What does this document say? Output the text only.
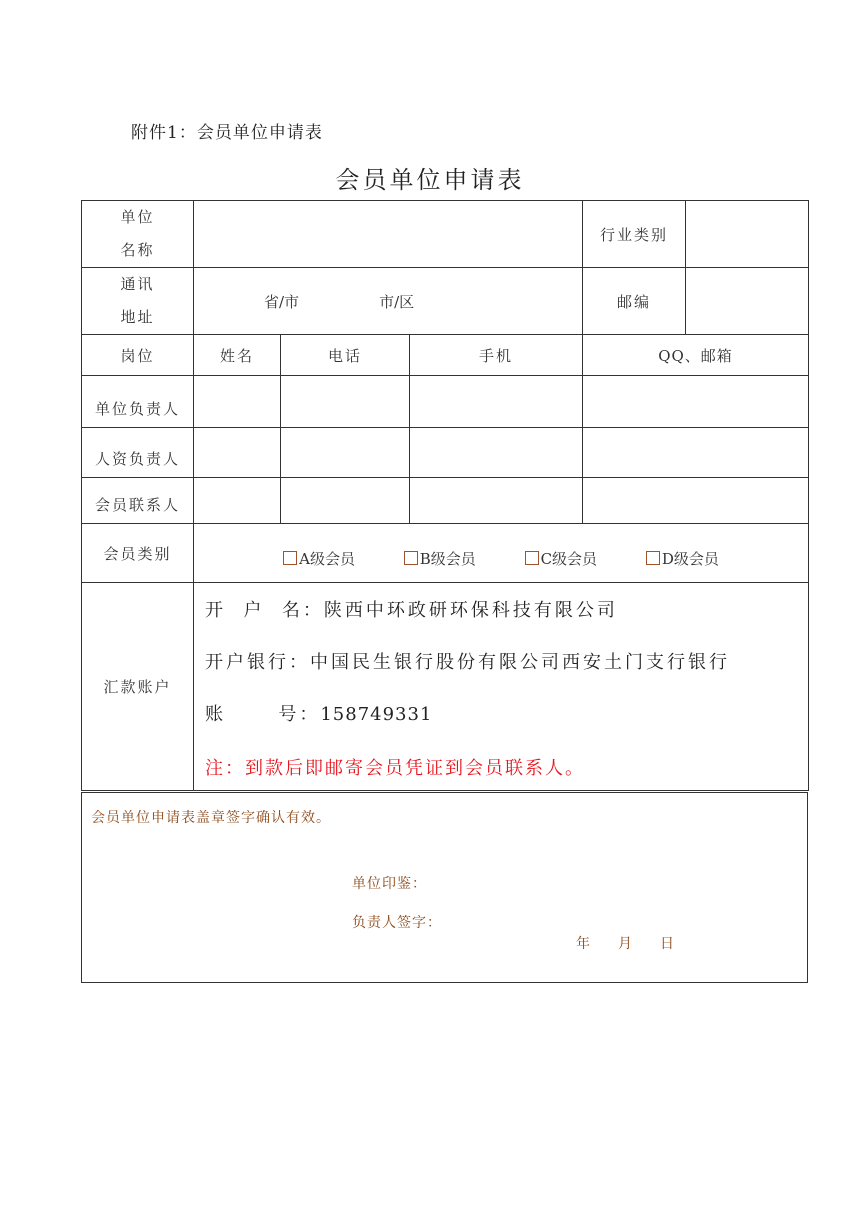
附件1：会员单位申请表
会员单位申请表
单位
名称				行业类别	

通讯
地址	省/市 市/区			邮编	
岗位	姓名	电话	手机	QQ、邮箱	
单位负责人					
人资负责人					
会员联系人					
会员类别	A级会员 B级会员 C级会员 D级会员				
汇款账户	开  户  名：陕西中环政研环保科技有限公司
开户银行：中国民生银行股份有限公司西安土门支行银行
账      号：158749331
注：到款后即邮寄会员凭证到会员联系人。				
会员单位申请表盖章签字确认有效。
单位印鉴：
负责人签字：
年 月 日
